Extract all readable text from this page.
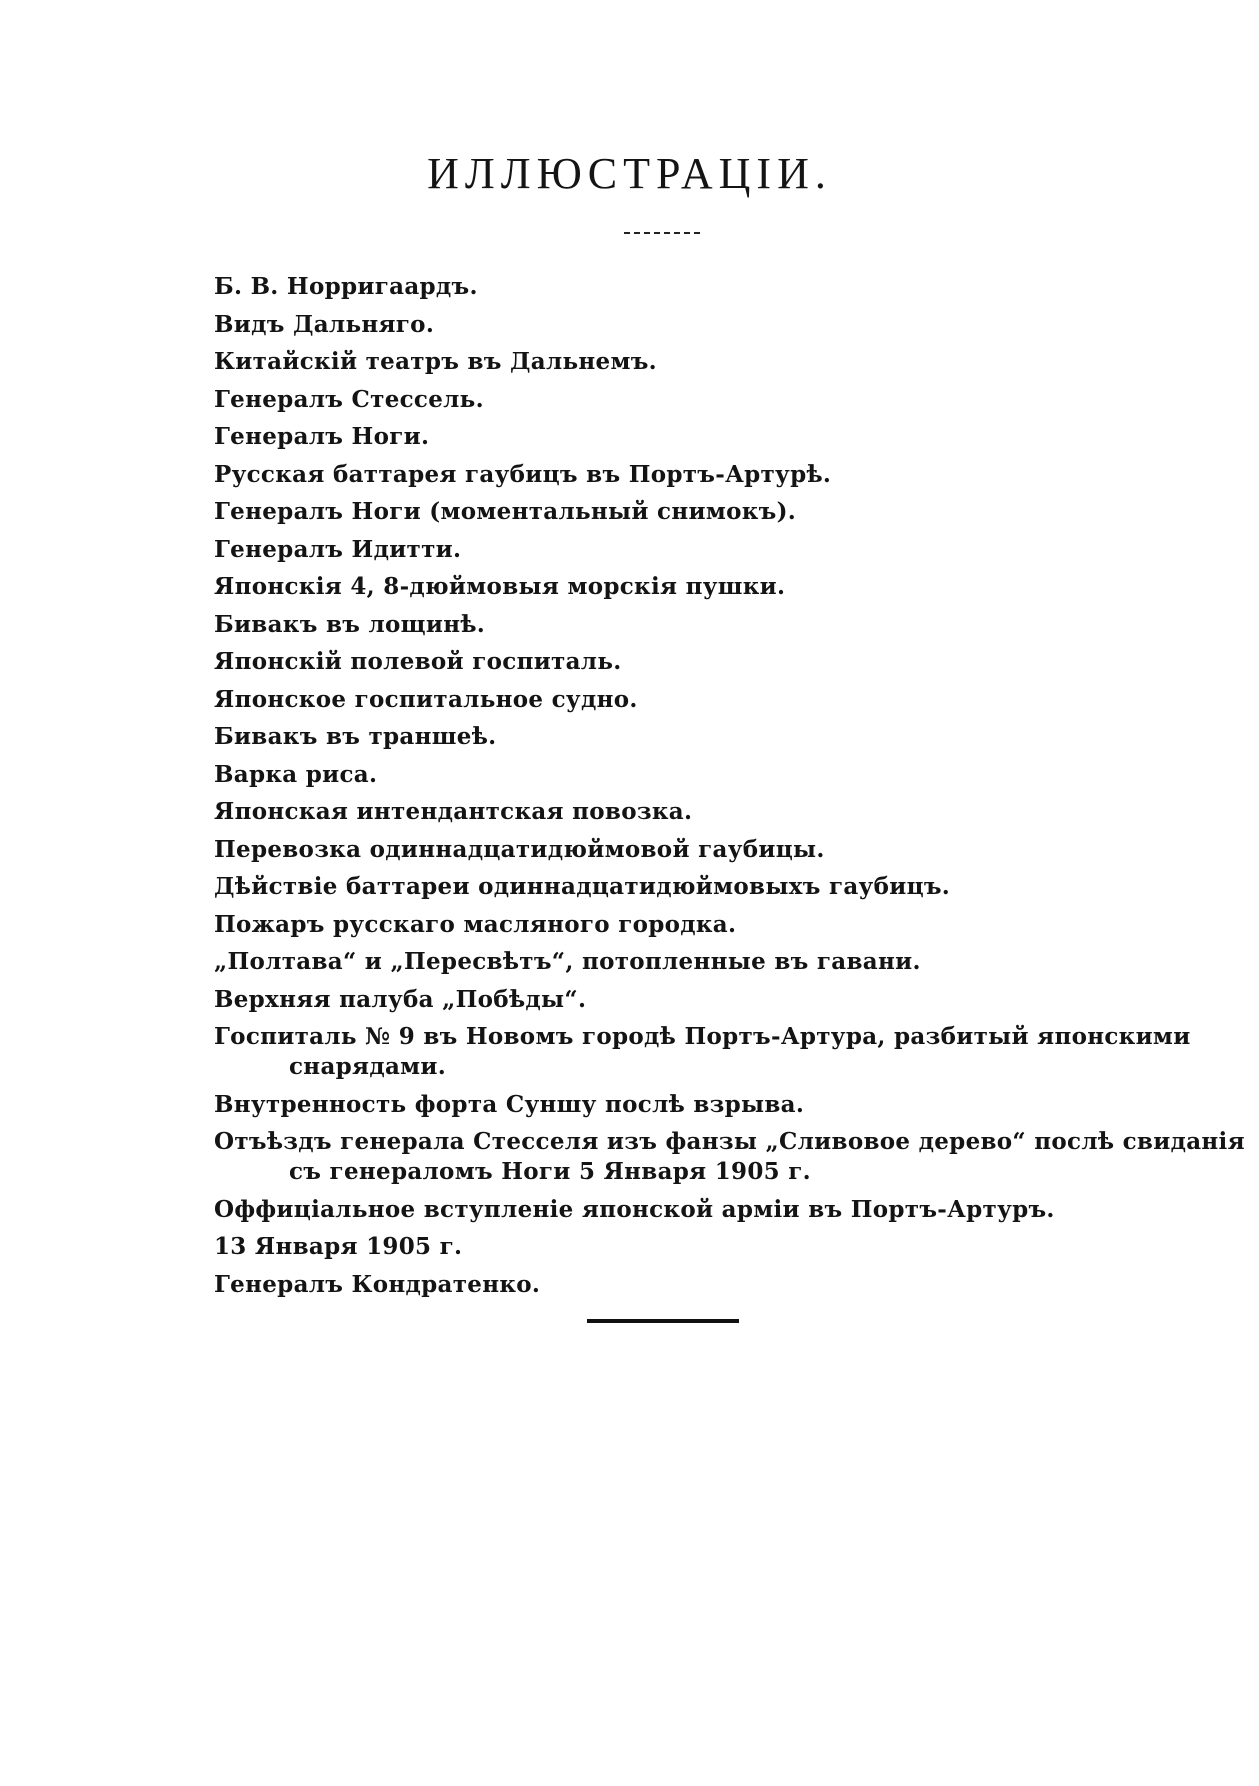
ИЛЛЮСТРАЦІИ.
Б. В. Норригаардъ.
Видъ Дальняго.
Китайскій театръ въ Дальнемъ.
Генералъ Стессель.
Генералъ Ноги.
Русская баттарея гаубицъ въ Портъ-Артурѣ.
Генералъ Ноги (моментальный снимокъ).
Генералъ Идитти.
Японскія 4, 8-дюймовыя морскія пушки.
Бивакъ въ лощинѣ.
Японскій полевой госпиталь.
Японское госпитальное судно.
Бивакъ въ траншеѣ.
Варка риса.
Японская интендантская повозка.
Перевозка одиннадцатидюймовой гаубицы.
Дѣйствіе баттареи одиннадцатидюймовыхъ гаубицъ.
Пожаръ русскаго масляного городка.
„Полтава“ и „Пересвѣтъ“, потопленные въ гавани.
Верхняя палуба „Побѣды“.
Госпиталь № 9 въ Новомъ городѣ Портъ-Артура, разбитый японскими
снарядами.
Внутренность форта Суншу послѣ взрыва.
Отъѣздъ генерала Стесселя изъ фанзы „Сливовое дерево“ послѣ свиданія
съ генераломъ Ноги 5 Января 1905 г.
Оффиціальное вступленіе японской арміи въ Портъ-Артуръ.
13 Января 1905 г.
Генералъ Кондратенко.
